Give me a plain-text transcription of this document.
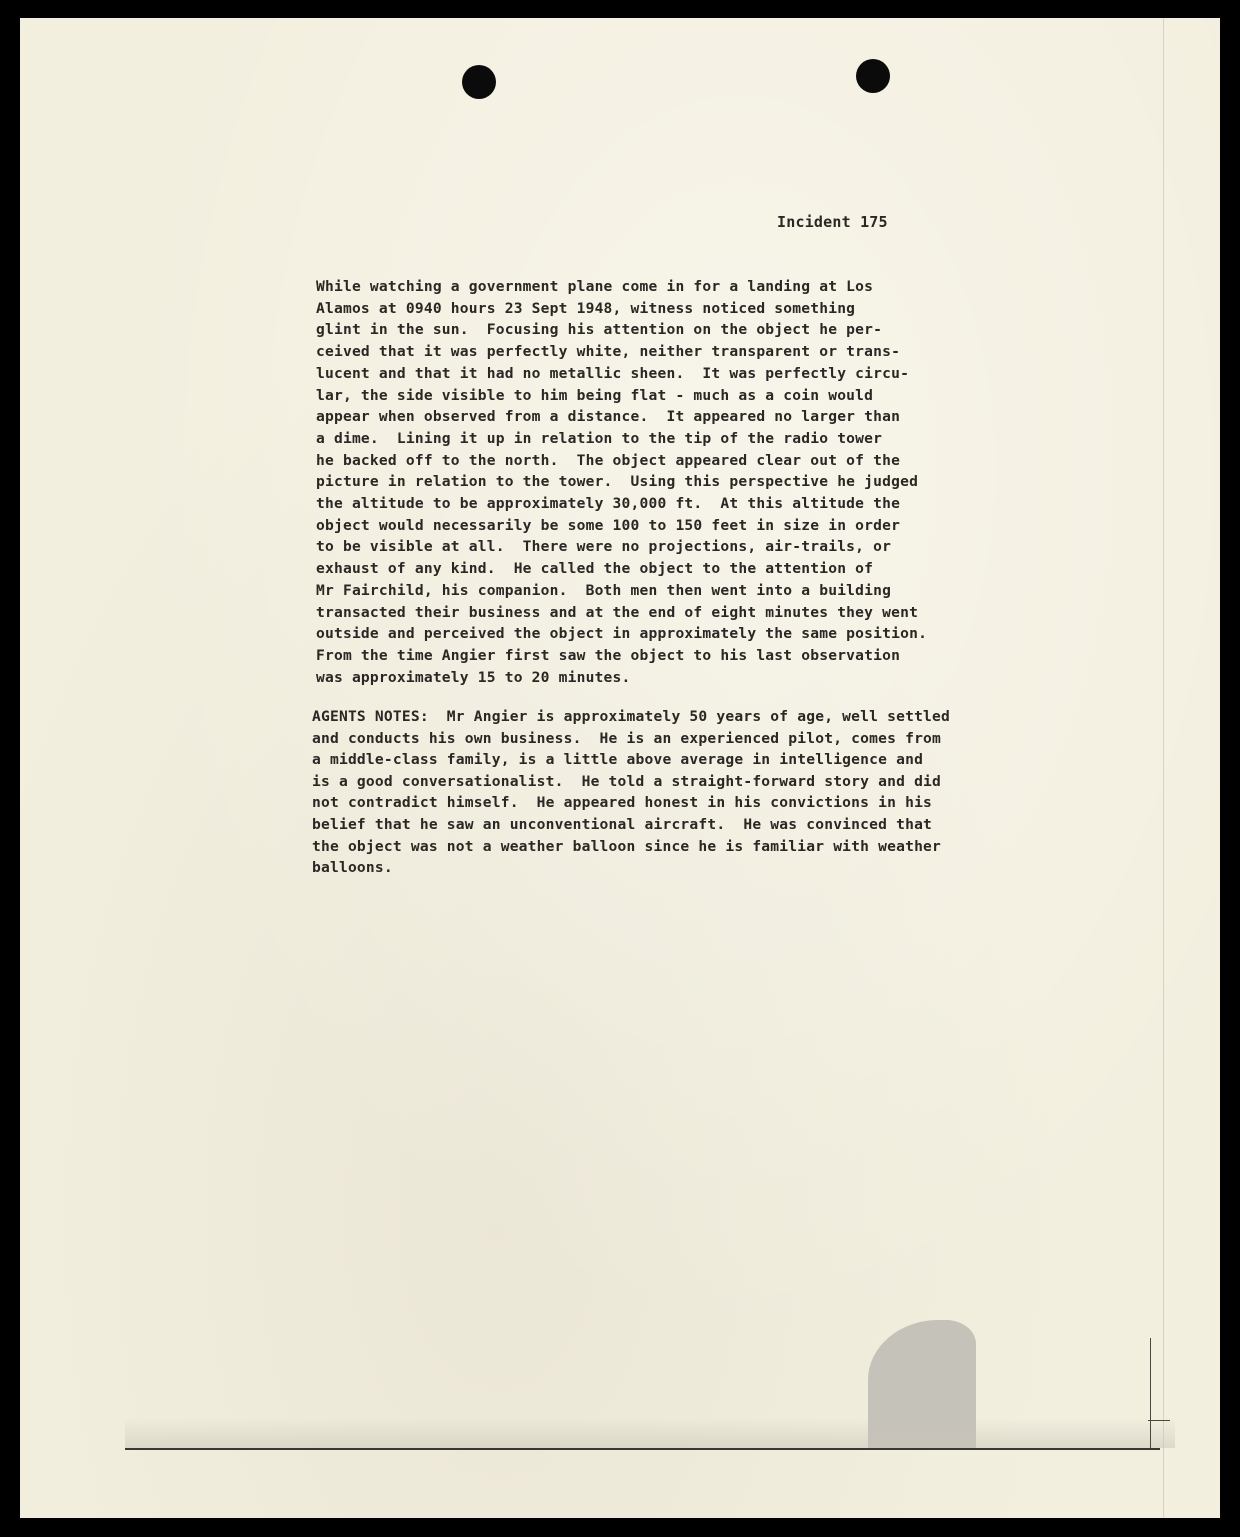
Incident 175

While watching a government plane come in for a landing at Los
Alamos at 0940 hours 23 Sept 1948, witness noticed something
glint in the sun.  Focusing his attention on the object he per-
ceived that it was perfectly white, neither transparent or trans-
lucent and that it had no metallic sheen.  It was perfectly circu-
lar, the side visible to him being flat - much as a coin would
appear when observed from a distance.  It appeared no larger than
a dime.  Lining it up in relation to the tip of the radio tower
he backed off to the north.  The object appeared clear out of the
picture in relation to the tower.  Using this perspective he judged
the altitude to be approximately 30,000 ft.  At this altitude the
object would necessarily be some 100 to 150 feet in size in order
to be visible at all.  There were no projections, air-trails, or
exhaust of any kind.  He called the object to the attention of
Mr Fairchild, his companion.  Both men then went into a building
transacted their business and at the end of eight minutes they went
outside and perceived the object in approximately the same position.
From the time Angier first saw the object to his last observation
was approximately 15 to 20 minutes.

AGENTS NOTES:  Mr Angier is approximately 50 years of age, well settled
and conducts his own business.  He is an experienced pilot, comes from
a middle-class family, is a little above average in intelligence and
is a good conversationalist.  He told a straight-forward story and did
not contradict himself.  He appeared honest in his convictions in his
belief that he saw an unconventional aircraft.  He was convinced that
the object was not a weather balloon since he is familiar with weather
balloons.
